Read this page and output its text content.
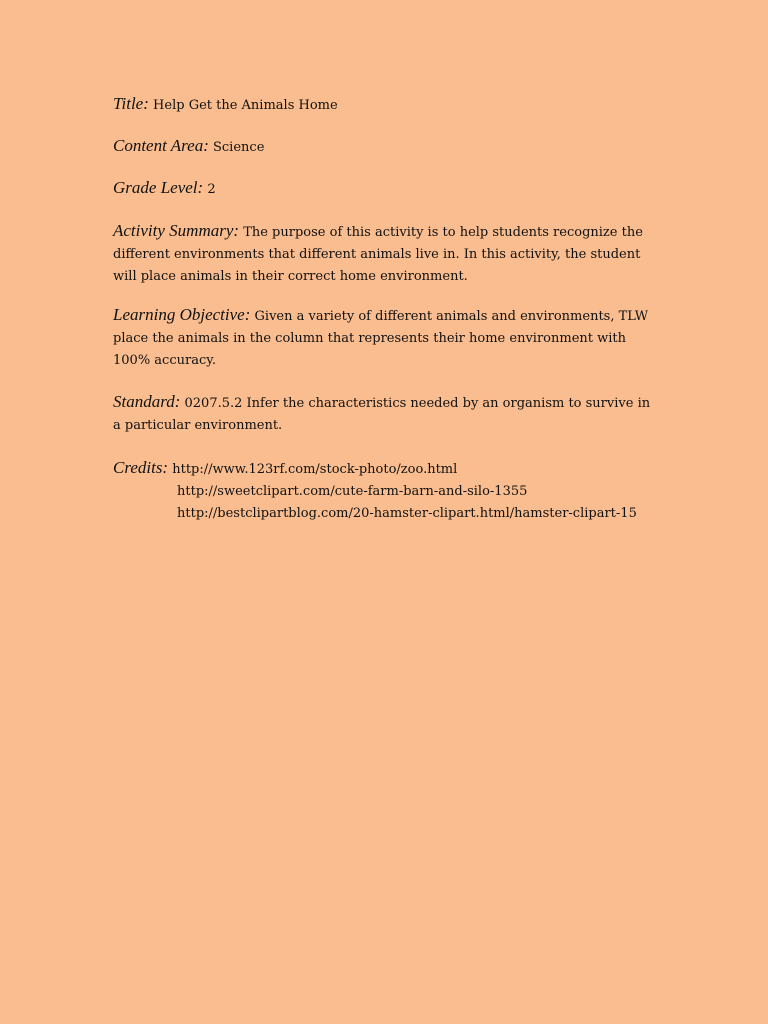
Title: Help Get the Animals Home
Content Area: Science
Grade Level: 2
Activity Summary: The purpose of this activity is to help students recognize the different environments that different animals live in. In this activity, the student will place animals in their correct home environment.
Learning Objective: Given a variety of different animals and environments, TLW place the animals in the column that represents their home environment with 100% accuracy.
Standard: 0207.5.2 Infer the characteristics needed by an organism to survive in a particular environment.
Credits: http://www.123rf.com/stock-photo/zoo.html
http://sweetclipart.com/cute-farm-barn-and-silo-1355
http://bestclipartblog.com/20-hamster-clipart.html/hamster-clipart-15
